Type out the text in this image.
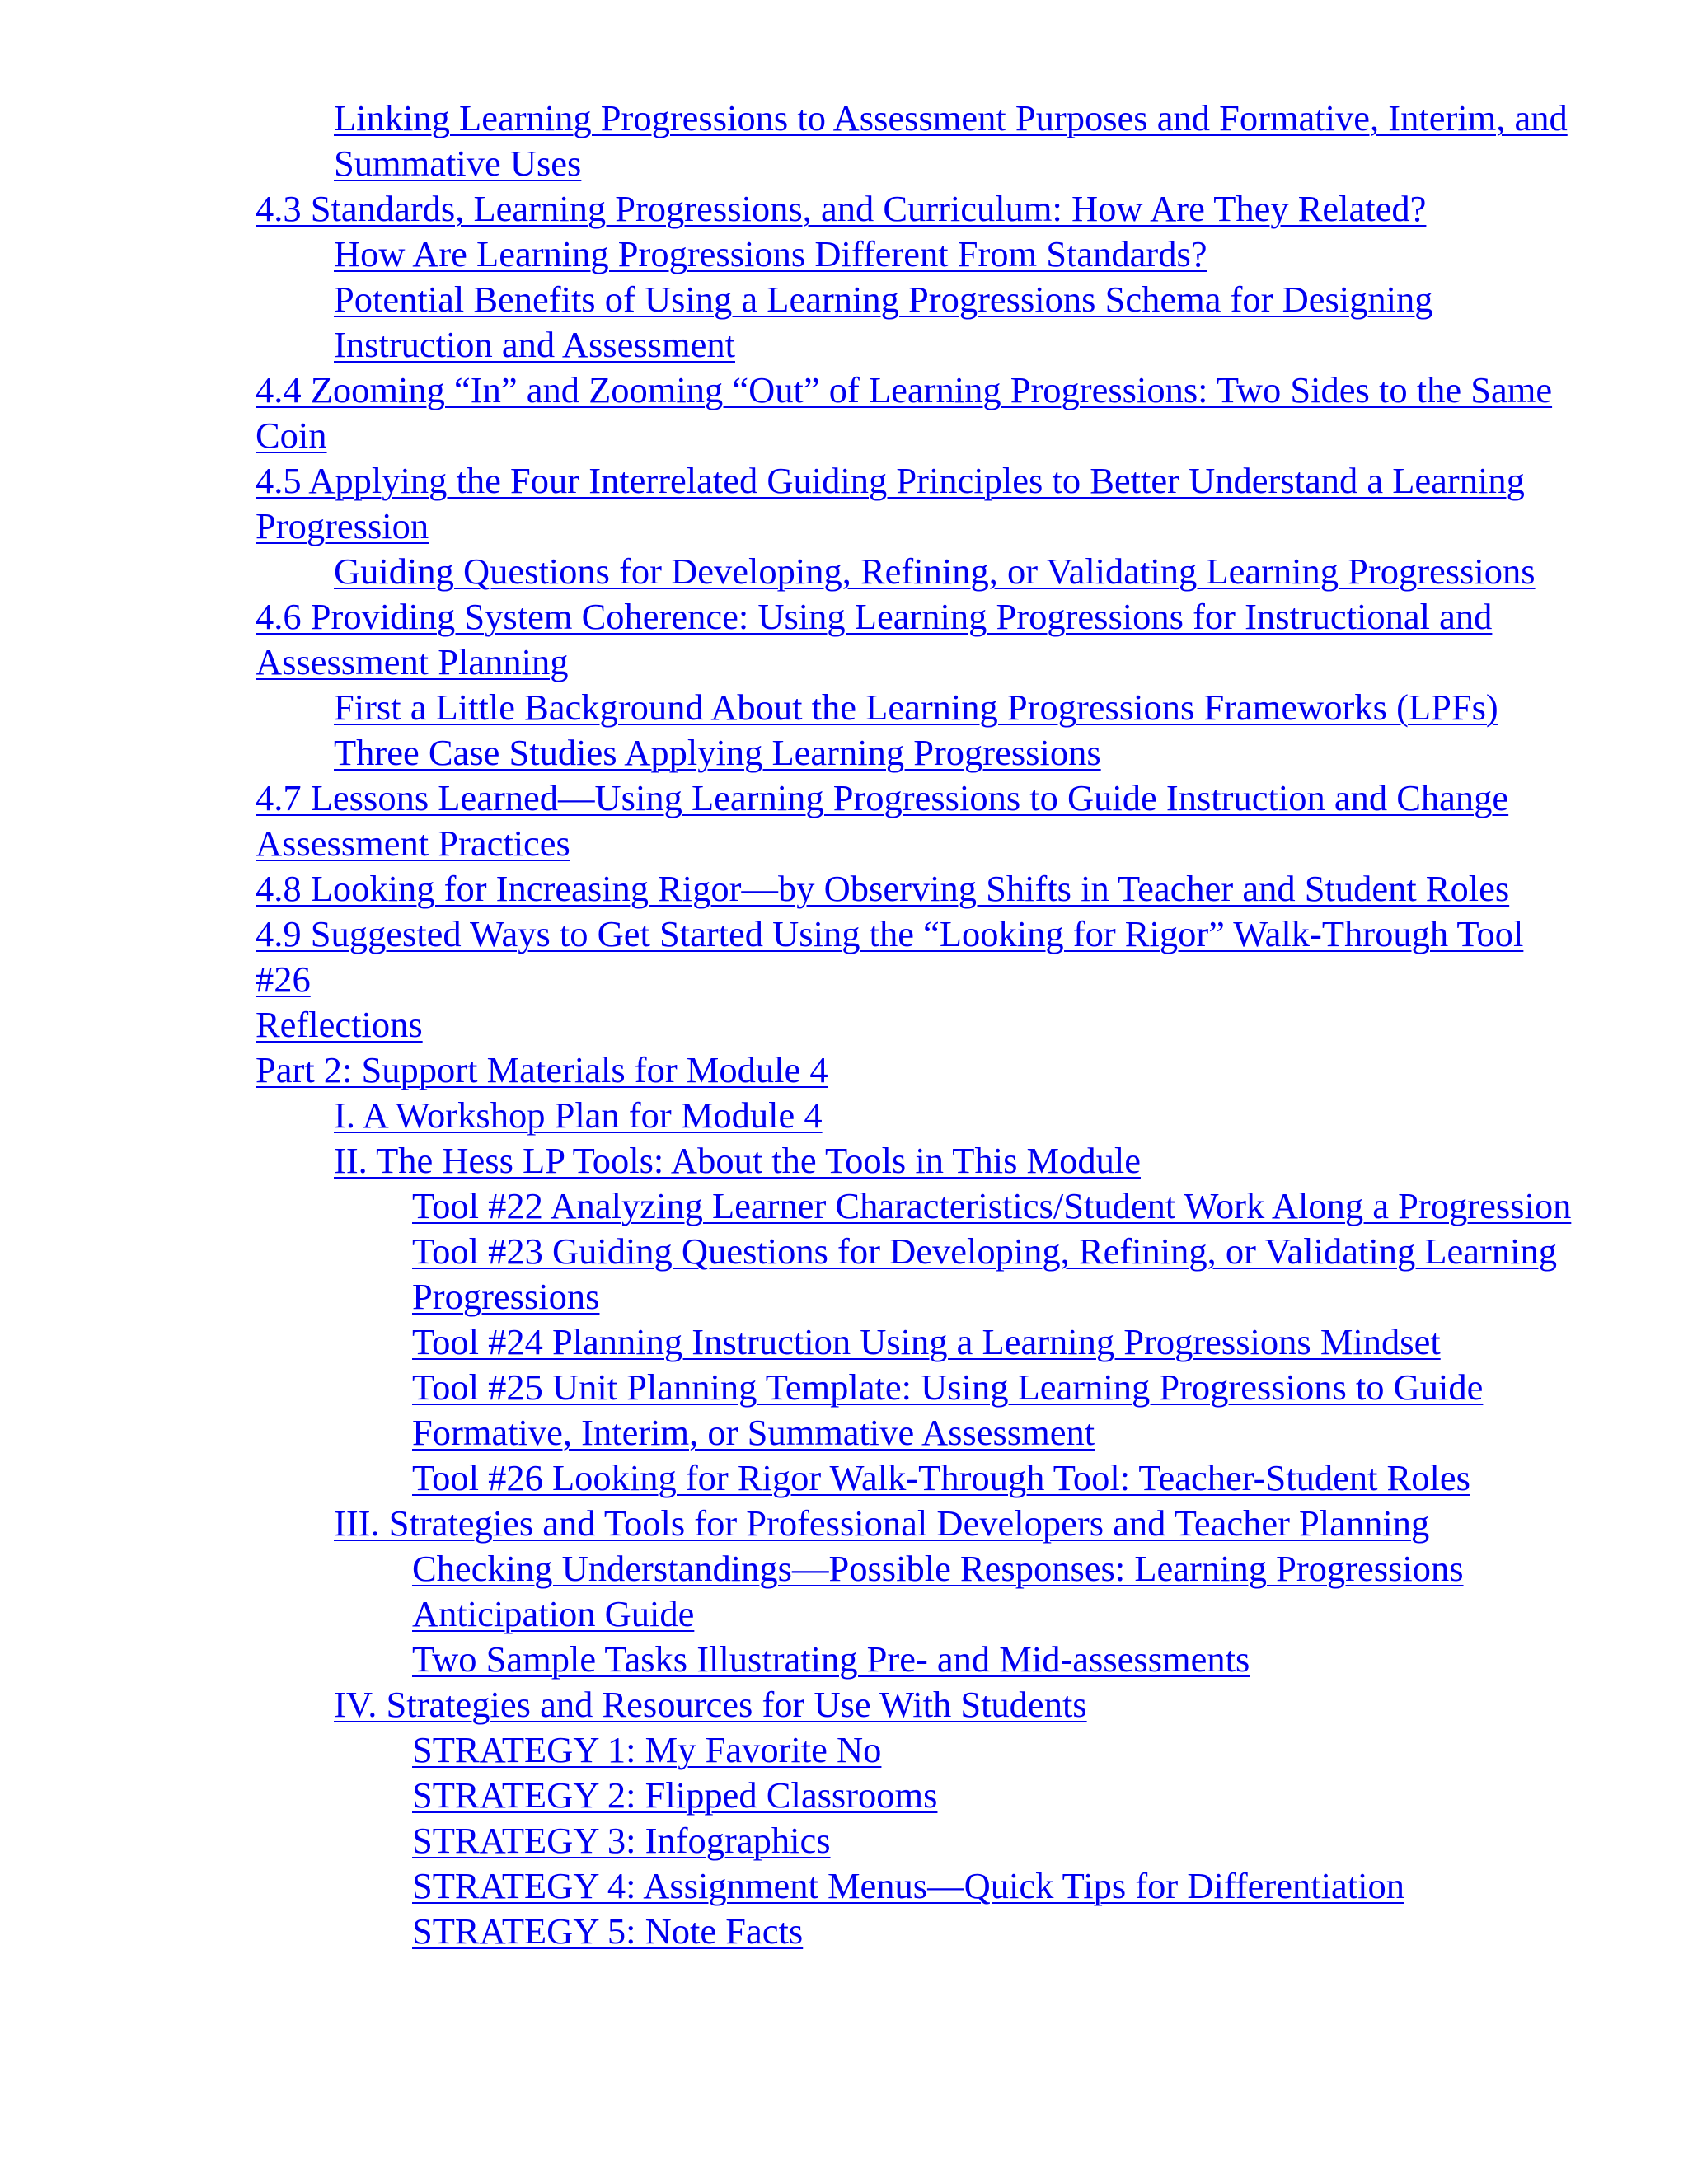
Linking Learning Progressions to Assessment Purposes and Formative, Interim, and Summative Uses
4.3 Standards, Learning Progressions, and Curriculum: How Are They Related?
How Are Learning Progressions Different From Standards?
Potential Benefits of Using a Learning Progressions Schema for Designing Instruction and Assessment
4.4 Zooming “In” and Zooming “Out” of Learning Progressions: Two Sides to the Same Coin
4.5 Applying the Four Interrelated Guiding Principles to Better Understand a Learning Progression
Guiding Questions for Developing, Refining, or Validating Learning Progressions
4.6 Providing System Coherence: Using Learning Progressions for Instructional and Assessment Planning
First a Little Background About the Learning Progressions Frameworks (LPFs)
Three Case Studies Applying Learning Progressions
4.7 Lessons Learned—Using Learning Progressions to Guide Instruction and Change Assessment Practices
4.8 Looking for Increasing Rigor—by Observing Shifts in Teacher and Student Roles
4.9 Suggested Ways to Get Started Using the “Looking for Rigor” Walk-Through Tool #26
Reflections
Part 2: Support Materials for Module 4
I. A Workshop Plan for Module 4
II. The Hess LP Tools: About the Tools in This Module
Tool #22 Analyzing Learner Characteristics/Student Work Along a Progression
Tool #23 Guiding Questions for Developing, Refining, or Validating Learning Progressions
Tool #24 Planning Instruction Using a Learning Progressions Mindset
Tool #25 Unit Planning Template: Using Learning Progressions to Guide Formative, Interim, or Summative Assessment
Tool #26 Looking for Rigor Walk-Through Tool: Teacher-Student Roles
III. Strategies and Tools for Professional Developers and Teacher Planning
Checking Understandings—Possible Responses: Learning Progressions Anticipation Guide
Two Sample Tasks Illustrating Pre- and Mid-assessments
IV. Strategies and Resources for Use With Students
STRATEGY 1: My Favorite No
STRATEGY 2: Flipped Classrooms
STRATEGY 3: Infographics
STRATEGY 4: Assignment Menus—Quick Tips for Differentiation
STRATEGY 5: Note Facts
